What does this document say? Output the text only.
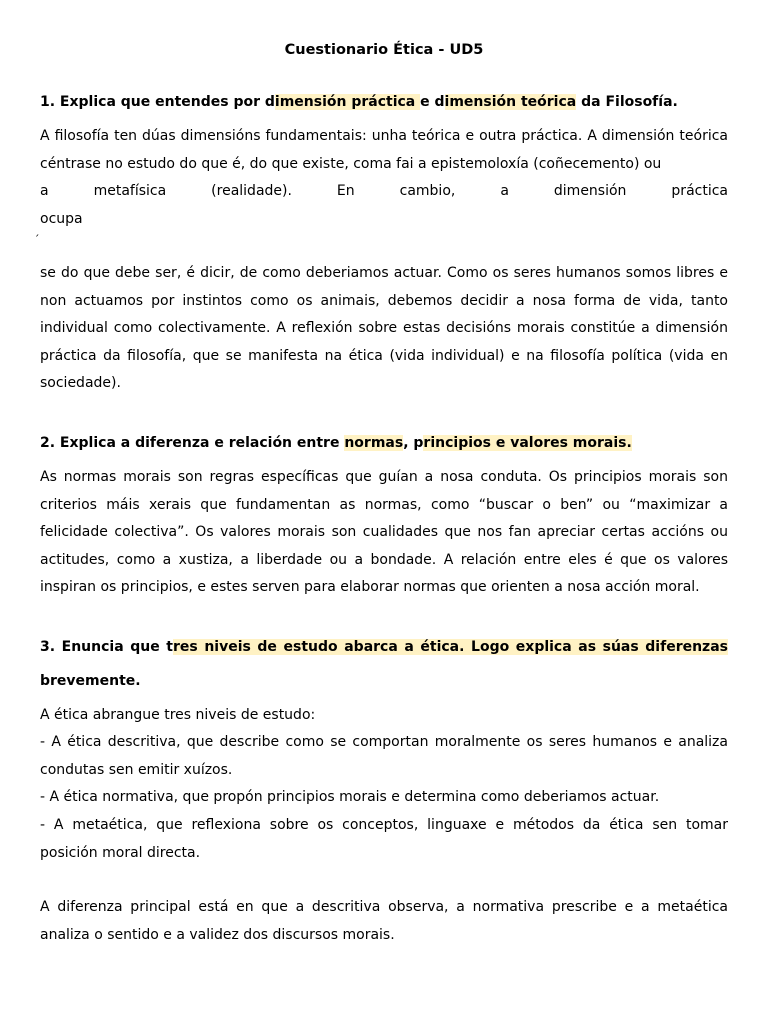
Cuestionario Ética - UD5
1. Explica que entendes por dimensión práctica e dimensión teórica da Filosofía.
A filosofía ten dúas dimensións fundamentais: unha teórica e outra práctica. A dimensión teórica céntrase no estudo do que é, do que existe, coma fai a epistemoloxía (coñecemento) ou
a	metafísica	(realidade).	En	cambio,	a	dimensión	práctica
ocupa
´
se do que debe ser, é dicir, de como deberiamos actuar. Como os seres humanos somos libres e non actuamos por instintos como os animais, debemos decidir a nosa forma de vida, tanto individual como colectivamente. A reflexión sobre estas decisións morais constitúe a dimensión práctica da filosofía, que se manifesta na ética (vida individual) e na filosofía política (vida en sociedade).
2. Explica a diferenza e relación entre normas, principios e valores morais.
As normas morais son regras específicas que guían a nosa conduta. Os principios morais son criterios máis xerais que fundamentan as normas, como “buscar o ben” ou “maximizar a felicidade colectiva”. Os valores morais son cualidades que nos fan apreciar certas accións ou actitudes, como a xustiza, a liberdade ou a bondade. A relación entre eles é que os valores inspiran os principios, e estes serven para elaborar normas que orienten a nosa acción moral.
3. Enuncia que tres niveis de estudo abarca a ética. Logo explica as súas diferenzas brevemente.
A ética abrangue tres niveis de estudo:
- A ética descritiva, que describe como se comportan moralmente os seres humanos e analiza condutas sen emitir xuízos.
- A ética normativa, que propón principios morais e determina como deberiamos actuar.
- A metaética, que reflexiona sobre os conceptos, linguaxe e métodos da ética sen tomar posición moral directa.
A diferenza principal está en que a descritiva observa, a normativa prescribe e a metaética analiza o sentido e a validez dos discursos morais.
